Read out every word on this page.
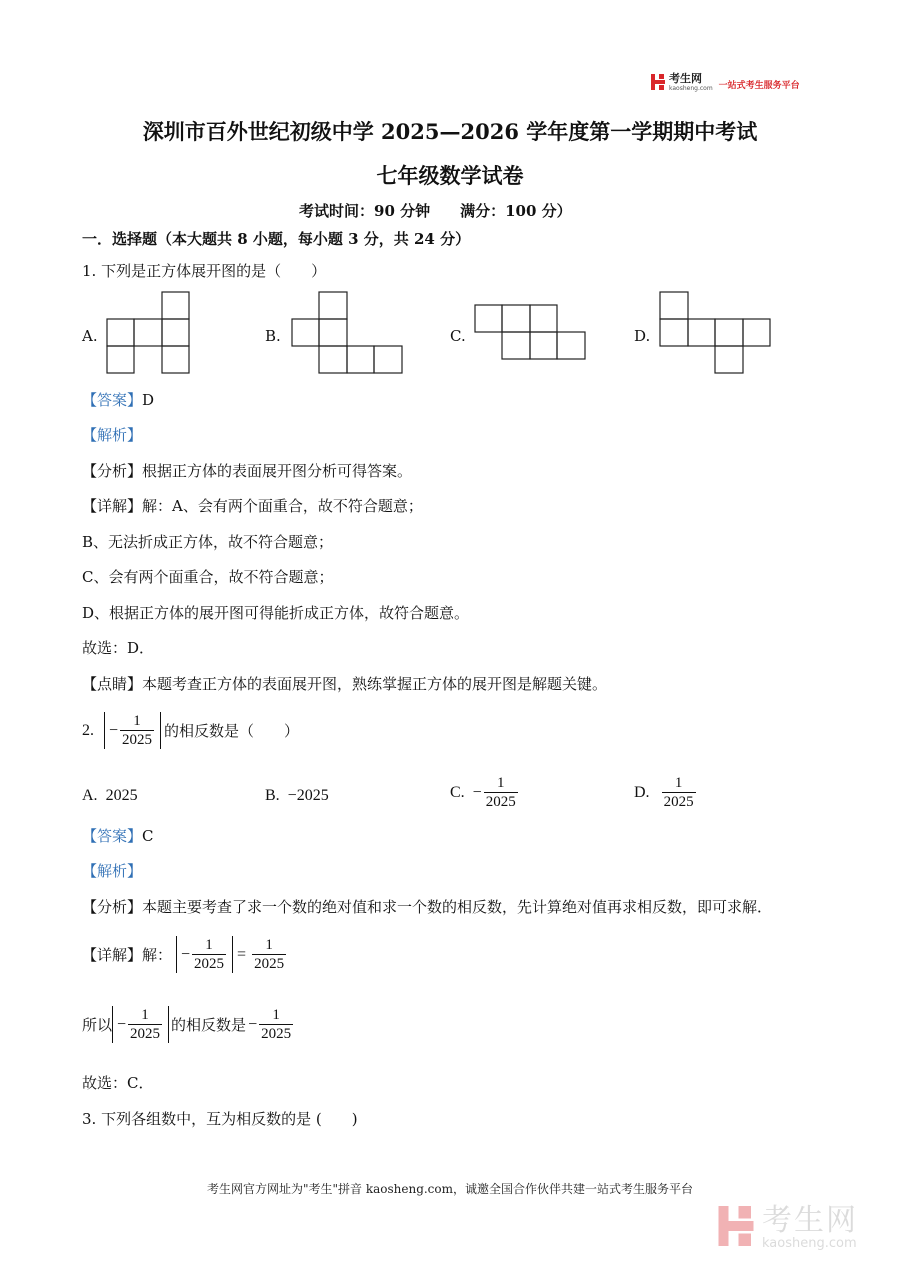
考生网
kaosheng.com 一站式考生服务平台
深圳市百外世纪初级中学 2025—2026 学年度第一学期期中考试
七年级数学试卷
考试时间：90 分钟　　满分：100 分）
一．选择题（本大题共 8 小题，每小题 3 分，共 24 分）
1. 下列是正方体展开图的是（　　）
A.	B.	C.	D.
【答案】D
【解析】
【分析】根据正方体的表面展开图分析可得答案。
【详解】解：A、会有两个面重合，故不符合题意；
B、无法折成正方体，故不符合题意；
C、会有两个面重合，故不符合题意；
D、根据正方体的展开图可得能折成正方体，故符合题意。
故选：D．
【点睛】本题考查正方体的表面展开图，熟练掌握正方体的展开图是解题关键。
2. − $\frac{1}{2025}$ 的相反数是（　　）
A. 2025	B. −2025	C. − $\frac{1}{2025}$	D. $\frac{1}{2025}$
【答案】C
【解析】
【分析】本题主要考查了求一个数的绝对值和求一个数的相反数，先计算绝对值再求相反数，即可求解．
【详解】解： − $\frac{1}{2025} = \frac{1}{2025}$
所以 − $\frac{1}{2025}$ 的相反数是 − $\frac{1}{2025}$
故选：C．
3. 下列各组数中，互为相反数的是 (　　)
考生网官方网址为"考生"拼音 kaosheng.com，诚邀全国合作伙伴共建一站式考生服务平台
考生网
kaosheng.com
